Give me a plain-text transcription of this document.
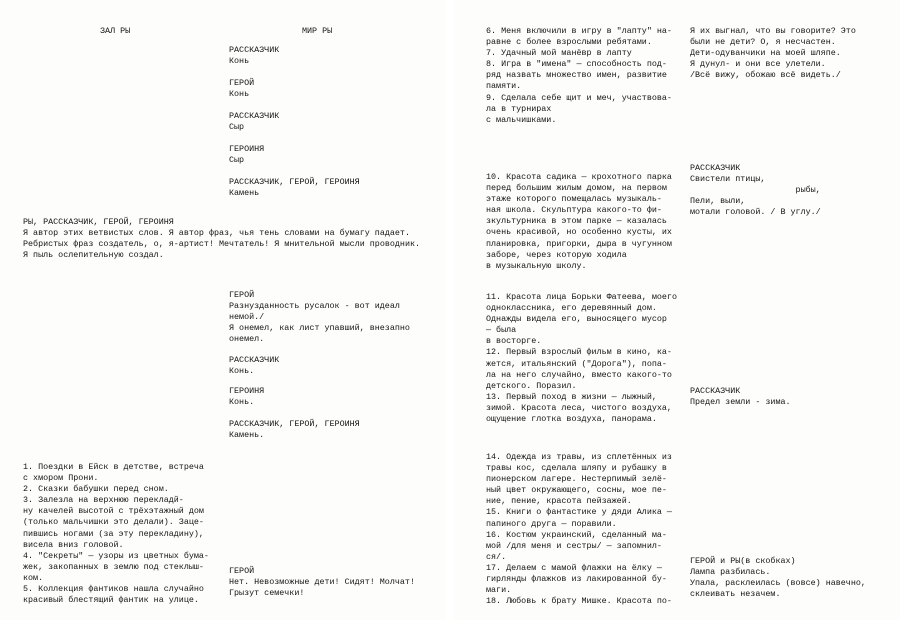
ЗАЛ РЫ	МИР РЫ
РАССКАЗЧИК
Конь
ГЕРОЙ
Конь
РАССКАЗЧИК
Сыр
ГЕРОИНЯ
Сыр
РАССКАЗЧИК, ГЕРОЙ, ГЕРОИНЯ
Камень
РЫ, РАССКАЗЧИК, ГЕРОЙ, ГЕРОИНЯ
Я автор этих ветвистых слов. Я автор фраз, чья тень словами на бумагу падает.
Ребристых фраз создатель, о, я-артист! Мечтатель! Я мнительной мысли проводник.
Я пыль ослепительную создал.
ГЕРОЙ
Разнузданность русалок - вот идеал
немой./
Я онемел, как лист упавший, внезапно
онемел.
РАССКАЗЧИК
Конь.
ГЕРОИНЯ
Конь.
РАССКАЗЧИК, ГЕРОЙ, ГЕРОИНЯ
Камень.
1. Поездки в Ейск в детстве, встреча
с хмором Прони.
2. Сказки бабушки перед сном.
3. Залезла на верхнюю перекладй-
ну качелей высотой с трёхэтажный дом
(только мальчишки это делали). Заце-
пившись ногами (за эту перекладину),
висела вниз головой.
4. "Секреты" — узоры из цветных бума-
жек, закопанных в землю под стеклыш-
ком.
5. Коллекция фантиков нашла случайно
красивый блестящий фантик на улице.
ГЕРОЙ
Нет. Невозможные дети! Сидят! Молчат!
Грызут семечки!
6. Меня включили в игру в "лапту" на-
равне с более взрослыми ребятами.
7. Удачный мой манёвр в лапту
8. Игра в "имена" — способность под-
ряд назвать множество имен, развитие
памяти.
9. Сделала себе щит и меч, участвова-
ла в турнирах
с мальчишками.
Я их выгнал, что вы говорите? Это
были не дети? О, я несчастен.
Дети-одуванчики на моей шляпе.
Я дунул- и они все улетели.
/Всё вижу, обожаю всё видеть./
10. Красота садика — крохотного парка
перед большим жилым домом, на первом
этаже которого помещалась музыкаль-
ная школа. Скульптура какого-то фи-
зкультурника в этом парке — казалась
очень красивой, но особенно кусты, их
планировка, пригорки, дыра в чугунном
заборе, через которую ходила
в музыкальную школу.
РАССКАЗЧИК
Свистели птицы,
рыбы,
Пели, выли,
мотали головой. / В углу./
11. Красота лица Борьки Фатеева, моего
одноклассника, его деревянный дом.
Однажды видела его, выносящего мусор
— была
в восторге.
12. Первый взрослый фильм в кино, ка-
жется, итальянский ("Дорога"), попа-
ла на него случайно, вместо какого-то
детского. Поразил.
13. Первый поход в жизни — лыжный,
зимой. Красота леса, чистого воздуха,
ощущение глотка воздуха, панорама.
РАССКАЗЧИК
Предел земли - зима.
14. Одежда из травы, из сплетённых из
травы кос, сделала шляпу и рубашку в
пионерском лагере. Нестерпимый зелё-
ный цвет окружающего, сосны, мое пе-
ние, пение, красота пейзажей.
15. Книги о фантастике у дяди Алика —
папиного друга — поравили.
16. Костюм украинский, сделанный ма-
мой /для меня и сестры/ — запомнил-
ся/.
17. Делаем с мамой флажки на ёлку —
гирлянды флажков из лакированной бу-
маги.
18. Любовь к брату Мишке. Красота по-
ГЕРОЙ и РЫ(в скобках)
Лампа разбилась.
Упала, расклеилась (вовсе) навечно,
склеивать незачем.
